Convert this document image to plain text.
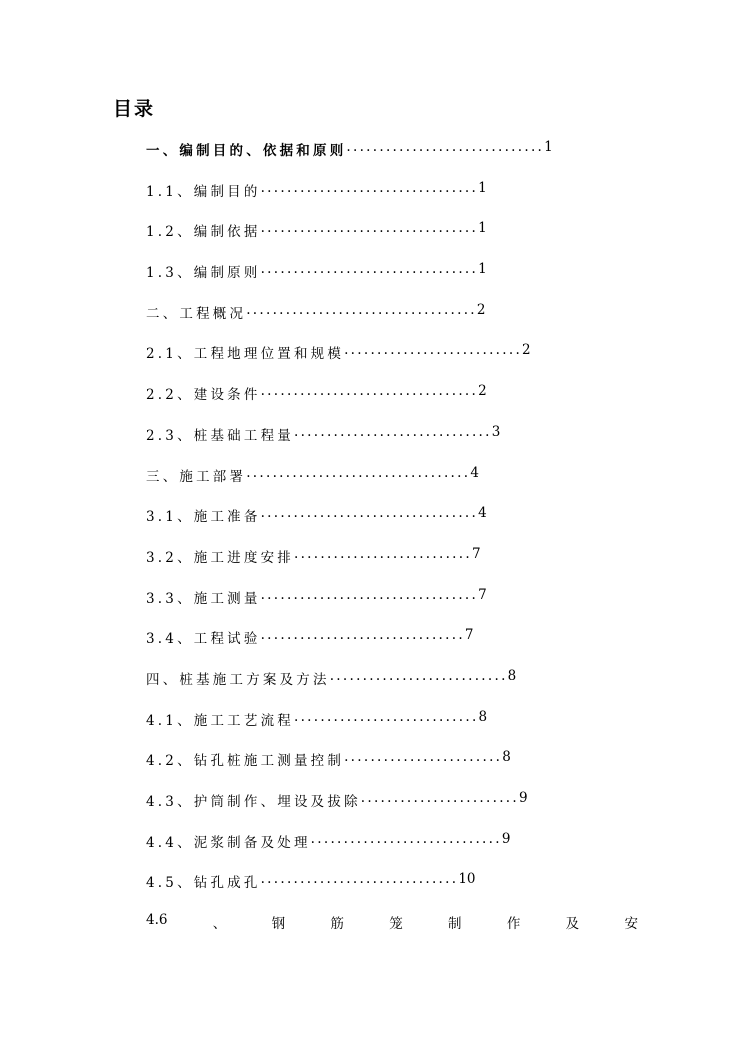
目录
一、编制目的、依据和原则 .............................. 1
1.1、编制目的 ................................. 1
1.2、编制依据 ................................. 1
1.3、编制原则 ................................. 1
二、工程概况 ................................... 2
2.1、工程地理位置和规模 ........................... 2
2.2、建设条件 ................................. 2
2.3、桩基础工程量 .............................. 3
三、施工部署 .................................. 4
3.1、施工准备 ................................. 4
3.2、施工进度安排 ........................... 7
3.3、施工测量 ................................. 7
3.4、工程试验 ............................... 7
四、桩基施工方案及方法 ........................... 8
4.1、施工工艺流程 ............................ 8
4.2、钻孔桩施工测量控制 ........................ 8
4.3、护筒制作、埋设及拔除 ........................ 9
4.4、泥浆制备及处理 ............................. 9
4.5、钻孔成孔 .............................. 10
4.6	、	钢	筋	笼	制	作	及	安
